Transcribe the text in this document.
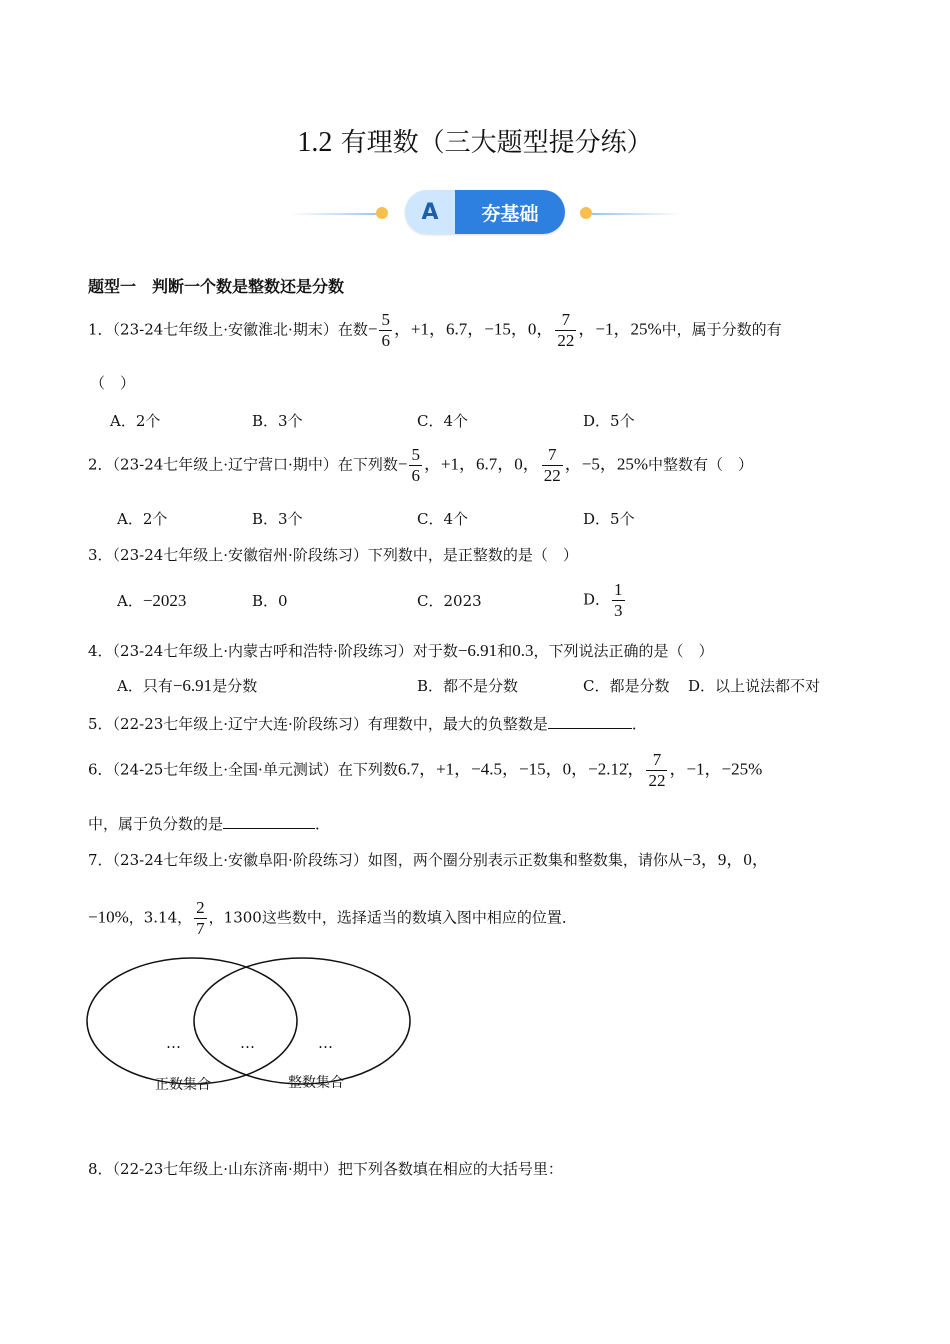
1.2 有理数（三大题型提分练）
A	夯基础
题型一　判断一个数是整数还是分数
1．（23-24七年级上·安徽淮北·期末）在数− $\frac{5}{6}$ ，+1，6.7，−15，0， $\frac{7}{22}$ ，−1，25%中，属于分数的有
（　）
A．2个	B．3个	C．4个	D．5个
2．（23-24七年级上·辽宁营口·期中）在下列数− $\frac{5}{6}$ ，+1，6.7，0， $\frac{7}{22}$ ，−5，25%中整数有（　）
A．2个	B．3个	C．4个	D．5个
3．（23-24七年级上·安徽宿州·阶段练习）下列数中，是正整数的是（　）
A．−2023	B．0	C．2023	D． $\frac{1}{3}$
4．（23-24七年级上·内蒙古呼和浩特·阶段练习）对于数−6.91和0.3，下列说法正确的是（　）
A．只有−6.91是分数	B．都不是分数	C．都是分数 D．以上说法都不对
5．（22-23七年级上·辽宁大连·阶段练习）有理数中，最大的负整数是	．
6．（24-25七年级上·全国·单元测试）在下列数6.7，+1，−4.5，−15，0，−2.12̇， $\frac{7}{22}$ ，−1，−25%
中，属于负分数的是	．
7．（23-24七年级上·安徽阜阳·阶段练习）如图，两个圈分别表示正数集和整数集，请你从−3，9，0，
−10%，3.14， $\frac{2}{7}$ ，1300这些数中，选择适当的数填入图中相应的位置．
…	…	…
正数集合	整数集合
8．（22-23七年级上·山东济南·期中）把下列各数填在相应的大括号里：
